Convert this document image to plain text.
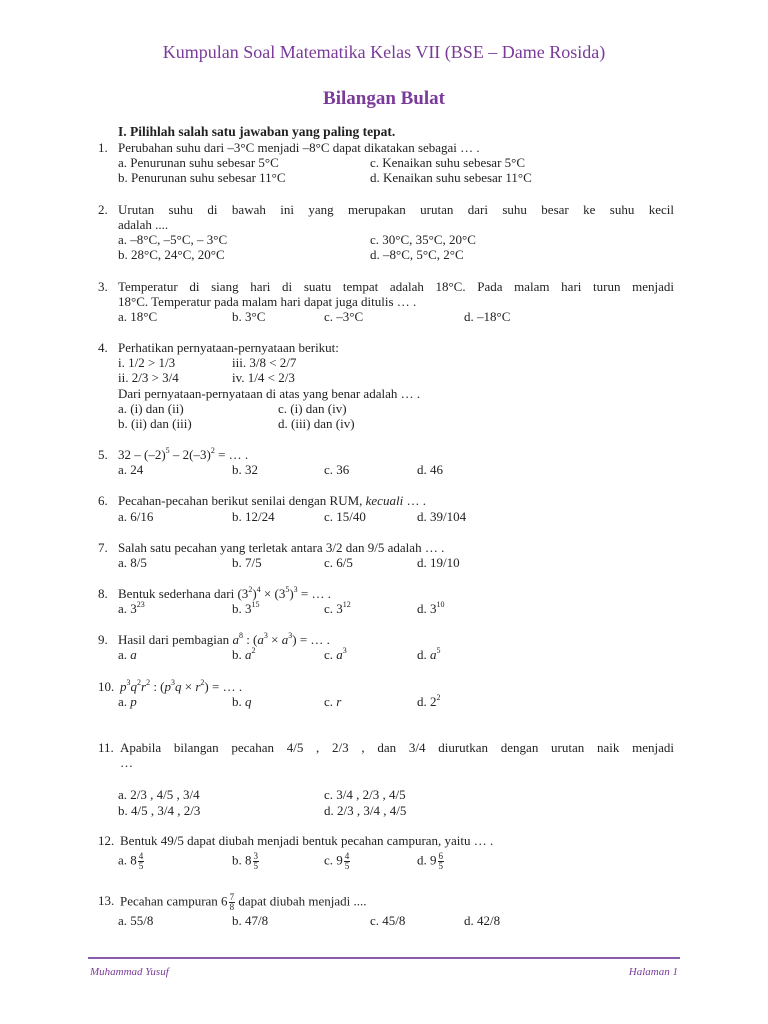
Kumpulan Soal Matematika Kelas VII (BSE – Dame Rosida)
Bilangan Bulat
I. Pilihlah salah satu jawaban yang paling tepat.
1. Perubahan suhu dari –3°C menjadi –8°C dapat dikatakan sebagai … .
a. Penurunan suhu sebesar 5°C	c. Kenaikan suhu sebesar 5°C
b. Penurunan suhu sebesar 11°C	d. Kenaikan suhu sebesar 11°C
2. Urutan suhu di bawah ini yang merupakan urutan dari suhu besar ke suhu kecil
adalah ....
a. –8°C, –5°C, – 3°C	c. 30°C, 35°C, 20°C
b. 28°C, 24°C, 20°C	d. –8°C, 5°C, 2°C
3. Temperatur di siang hari di suatu tempat adalah 18°C. Pada malam hari turun menjadi
18°C. Temperatur pada malam hari dapat juga ditulis … .
a. 18°C	b. 3°C	c. –3°C	d. –18°C
4. Perhatikan pernyataan-pernyataan berikut:
i. 1/2 > 1/3	iii. 3/8 < 2/7
ii. 2/3 > 3/4	iv. 1/4 < 2/3
Dari pernyataan-pernyataan di atas yang benar adalah … .
a. (i) dan (ii)	c. (i) dan (iv)
b. (ii) dan (iii)	d. (iii) dan (iv)
5. $32 - (-2)^5 - 2(-3)^2$ = … .
a. 24	b. 32	c. 36	d. 46
6. Pecahan-pecahan berikut senilai dengan RUM, kecuali … .
a. 6/16	b. 12/24	c. 15/40	d. 39/104
7. Salah satu pecahan yang terletak antara 3/2 dan 9/5 adalah … .
a. 8/5	b. 7/5	c. 6/5	d. 19/10
8. Bentuk sederhana dari $(3^2)^4 \times (3^5)^3$ = … .
a. $3^{23}$	b. $3^{15}$	c. $3^{12}$	d. $3^{10}$
9. Hasil dari pembagian $a^8$ : $(a^3 \times a^3)$ = … .
a. a	b. $a^2$	c. $a^3$	d. $a^5$
10. $p^3q^2r^2$ : $(p^3q \times r^2)$ = … .
a. p	b. q	c. r	d. $2^2$
11. Apabila bilangan pecahan 4/5 , 2/3 , dan 3/4 diurutkan dengan urutan naik menjadi
…
a. 2/3 , 4/5 , 3/4	c. 3/4 , 2/3 , 4/5
b. 4/5 , 3/4 , 2/3	d. 2/3 , 3/4 , 4/5
12. Bentuk 49/5 dapat diubah menjadi bentuk pecahan campuran, yaitu … .
a. $8 \frac{4}{5}$	b. $8 \frac{3}{5}$	c. $9 \frac{4}{5}$	d. $9 \frac{6}{5}$
13. Pecahan campuran $6 \frac{7}{8}$ dapat diubah menjadi ....
a. 55/8	b. 47/8	c. 45/8	d. 42/8
Muhammad Yusuf	Halaman 1
